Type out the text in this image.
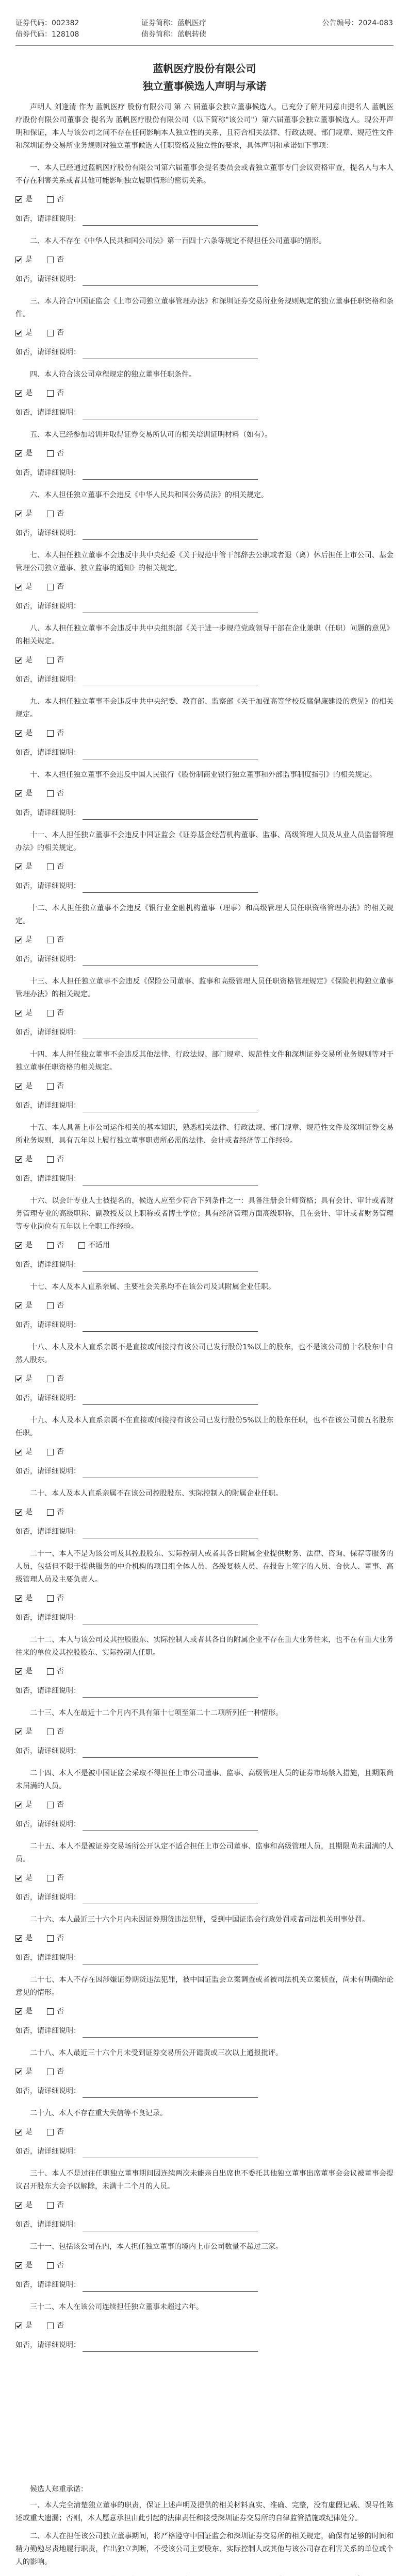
证券代码：002382	证券简称：蓝帆医疗	公告编号：2024-083
债券代码：128108	债券简称：蓝帆转债
蓝帆医疗股份有限公司
独立董事候选人声明与承诺

声明人 刘逢清 作为 蓝帆医疗 股份有限公司 第 六 届董事会独立董事候选人，已充分了解并同意由提名人 蓝帆医疗股份有限公司董事会 提名为 蓝帆医疗股份有限公司（以下简称"该公司"）第六届董事会独立董事候选人。现公开声明和保证，本人与该公司之间不存在任何影响本人独立性的关系，且符合相关法律、行政法规、部门规章、规范性文件和深圳证券交易所业务规则对独立董事候选人任职资格及独立性的要求，具体声明和承诺如下事项：

一、本人已经通过蓝帆医疗股份有限公司第六届董事会提名委员会或者独立董事专门会议资格审查，提名人与本人不存在利害关系或者其他可能影响独立履职情形的密切关系。
是	否
如否，请详细说明：
二、本人不存在《中华人民共和国公司法》第一百四十六条等规定不得担任公司董事的情形。
是	否
如否，请详细说明：
三、本人符合中国证监会《上市公司独立董事管理办法》和深圳证券交易所业务规则规定的独立董事任职资格和条件。
是	否
如否，请详细说明：
四、本人符合该公司章程规定的独立董事任职条件。
是	否
如否，请详细说明：
五、本人已经参加培训并取得证券交易所认可的相关培训证明材料（如有）。
是	否
如否，请详细说明：
六、本人担任独立董事不会违反《中华人民共和国公务员法》的相关规定。
是	否
如否，请详细说明：
七、本人担任独立董事不会违反中共中央纪委《关于规范中管干部辞去公职或者退（离）休后担任上市公司、基金管理公司独立董事、独立监事的通知》的相关规定。
是	否
如否，请详细说明：
八、本人担任独立董事不会违反中共中央组织部《关于进一步规范党政领导干部在企业兼职（任职）问题的意见》的相关规定。
是	否
如否，请详细说明：
九、本人担任独立董事不会违反中共中央纪委、教育部、监察部《关于加强高等学校反腐倡廉建设的意见》的相关规定。
是	否
如否，请详细说明：
十、本人担任独立董事不会违反中国人民银行《股份制商业银行独立董事和外部监事制度指引》的相关规定。
是	否
如否，请详细说明：
十一、本人担任独立董事不会违反中国证监会《证券基金经营机构董事、监事、高级管理人员及从业人员监督管理办法》的相关规定。
是	否
如否，请详细说明：
十二、本人担任独立董事不会违反《银行业金融机构董事（理事）和高级管理人员任职资格管理办法》的相关规定。
是	否
如否，请详细说明：
十三、本人担任独立董事不会违反《保险公司董事、监事和高级管理人员任职资格管理规定》《保险机构独立董事管理办法》的相关规定。
是	否
如否，请详细说明：
十四、本人担任独立董事不会违反其他法律、行政法规、部门规章、规范性文件和深圳证券交易所业务规则等对于独立董事任职资格的相关规定。
是	否
如否，请详细说明：
十五、本人具备上市公司运作相关的基本知识，熟悉相关法律、行政法规、部门规章、规范性文件及深圳证券交易所业务规则，具有五年以上履行独立董事职责所必需的法律、会计或者经济等工作经验。
是	否
如否，请详细说明：
十六、以会计专业人士被提名的，候选人应至少符合下列条件之一：具备注册会计师资格；具有会计、审计或者财务管理专业的高级职称、副教授及以上职称或者博士学位；具有经济管理方面高级职称，且在会计、审计或者财务管理等专业岗位有五年以上全职工作经验。
是	否	不适用
如否，请详细说明：
十七、本人及本人直系亲属、主要社会关系均不在该公司及其附属企业任职。
是	否
如否，请详细说明：
十八、本人及本人直系亲属不是直接或间接持有该公司已发行股份1%以上的股东，也不是该公司前十名股东中自然人股东。
是	否
如否，请详细说明：
十九、本人及本人直系亲属不在直接或间接持有该公司已发行股份5%以上的股东任职，也不在该公司前五名股东任职。
是	否
如否，请详细说明：
二十、本人及本人直系亲属不在该公司控股股东、实际控制人的附属企业任职。
是	否
如否，请详细说明：
二十一、本人不是为该公司及其控股股东、实际控制人或者其各自附属企业提供财务、法律、咨询、保荐等服务的人员，包括但不限于提供服务的中介机构的项目组全体人员、各级复核人员、在报告上签字的人员、合伙人、董事、高级管理人员及主要负责人。
是	否
如否，请详细说明：
二十二、本人与该公司及其控股股东、实际控制人或者其各自的附属企业不存在重大业务往来，也不在有重大业务往来的单位及其控股股东、实际控制人任职。
是	否
如否，请详细说明：
二十三、本人在最近十二个月内不具有第十七项至第二十二项所列任一种情形。
是	否
如否，请详细说明：
二十四、本人不是被中国证监会采取不得担任上市公司董事、监事、高级管理人员的证券市场禁入措施，且期限尚未届满的人员。
是	否
如否，请详细说明：
二十五、本人不是被证券交易场所公开认定不适合担任上市公司董事、监事和高级管理人员，且期限尚未届满的人员。
是	否
如否，请详细说明：
二十六、本人最近三十六个月内未因证券期货违法犯罪，受到中国证监会行政处罚或者司法机关刑事处罚。
是	否
如否，请详细说明：
二十七、本人不存在因涉嫌证券期货违法犯罪，被中国证监会立案调查或者被司法机关立案侦查，尚未有明确结论意见的情形。
是	否
如否，请详细说明：
二十八、本人最近三十六个月未受到证券交易所公开谴责或三次以上通报批评。
是	否
如否，请详细说明：
二十九、本人不存在重大失信等不良记录。
是	否
如否，请详细说明：
三十、本人不是过往任职独立董事期间因连续两次未能亲自出席也不委托其他独立董事出席董事会会议被董事会提议召开股东大会予以解除，未满十二个月的人员。
是	否
如否，请详细说明：
三十一、包括该公司在内，本人担任独立董事的境内上市公司数量不超过三家。
是	否
如否，请详细说明：
三十二、本人在该公司连续担任独立董事未超过六年。
是	否
如否，请详细说明：

候选人郑重承诺：

一、本人完全清楚独立董事的职责，保证上述声明及提供的相关材料真实、准确、完整，没有虚假记载、误导性陈述或重大遗漏；否则，本人愿意承担由此引起的法律责任和接受深圳证券交易所的自律监管措施或纪律处分。

二、本人在担任该公司独立董事期间，将严格遵守中国证监会和深圳证券交易所的相关规定，确保有足够的时间和精力勤勉尽责地履行职责，作出独立判断，不受该公司主要股东、实际控制人或其他与该公司存在利害关系的单位或个人的影响。
